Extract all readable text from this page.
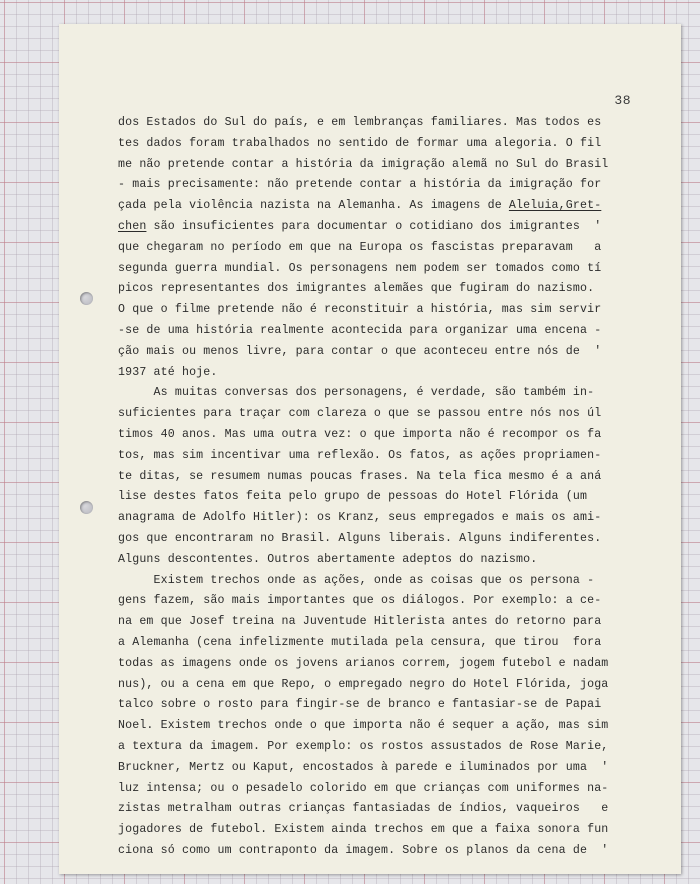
38
dos Estados do Sul do país, e em lembranças familiares. Mas todos es
tes dados foram trabalhados no sentido de formar uma alegoria. O fil
me não pretende contar a história da imigração alemã no Sul do Brasil
- mais precisamente: não pretende contar a história da imigração for
çada pela violência nazista na Alemanha. As imagens de Aleluia,Gret-
chen são insuficientes para documentar o cotidiano dos imigrantes  '
que chegaram no período em que na Europa os fascistas preparavam   a
segunda guerra mundial. Os personagens nem podem ser tomados como tí
picos representantes dos imigrantes alemães que fugiram do nazismo.
O que o filme pretende não é reconstituir a história, mas sim servir
-se de uma história realmente acontecida para organizar uma encena -
ção mais ou menos livre, para contar o que aconteceu entre nós de  '
1937 até hoje.
As muitas conversas dos personagens, é verdade, são também in-
suficientes para traçar com clareza o que se passou entre nós nos úl
timos 40 anos. Mas uma outra vez: o que importa não é recompor os fa
tos, mas sim incentivar uma reflexão. Os fatos, as ações propriamen-
te ditas, se resumem numas poucas frases. Na tela fica mesmo é a aná
lise destes fatos feita pelo grupo de pessoas do Hotel Flórida (um
anagrama de Adolfo Hitler): os Kranz, seus empregados e mais os ami-
gos que encontraram no Brasil. Alguns liberais. Alguns indiferentes.
Alguns descontentes. Outros abertamente adeptos do nazismo.
Existem trechos onde as ações, onde as coisas que os persona -
gens fazem, são mais importantes que os diálogos. Por exemplo: a ce-
na em que Josef treina na Juventude Hitlerista antes do retorno para
a Alemanha (cena infelizmente mutilada pela censura, que tirou  fora
todas as imagens onde os jovens arianos correm, jogem futebol e nadam
nus), ou a cena em que Repo, o empregado negro do Hotel Flórida, joga
talco sobre o rosto para fingir-se de branco e fantasiar-se de Papai
Noel. Existem trechos onde o que importa não é sequer a ação, mas sim
a textura da imagem. Por exemplo: os rostos assustados de Rose Marie,
Bruckner, Mertz ou Kaput, encostados à parede e iluminados por uma  '
luz intensa; ou o pesadelo colorido em que crianças com uniformes na-
zistas metralham outras crianças fantasiadas de índios, vaqueiros   e
jogadores de futebol. Existem ainda trechos em que a faixa sonora fun
ciona só como um contraponto da imagem. Sobre os planos da cena de  '
